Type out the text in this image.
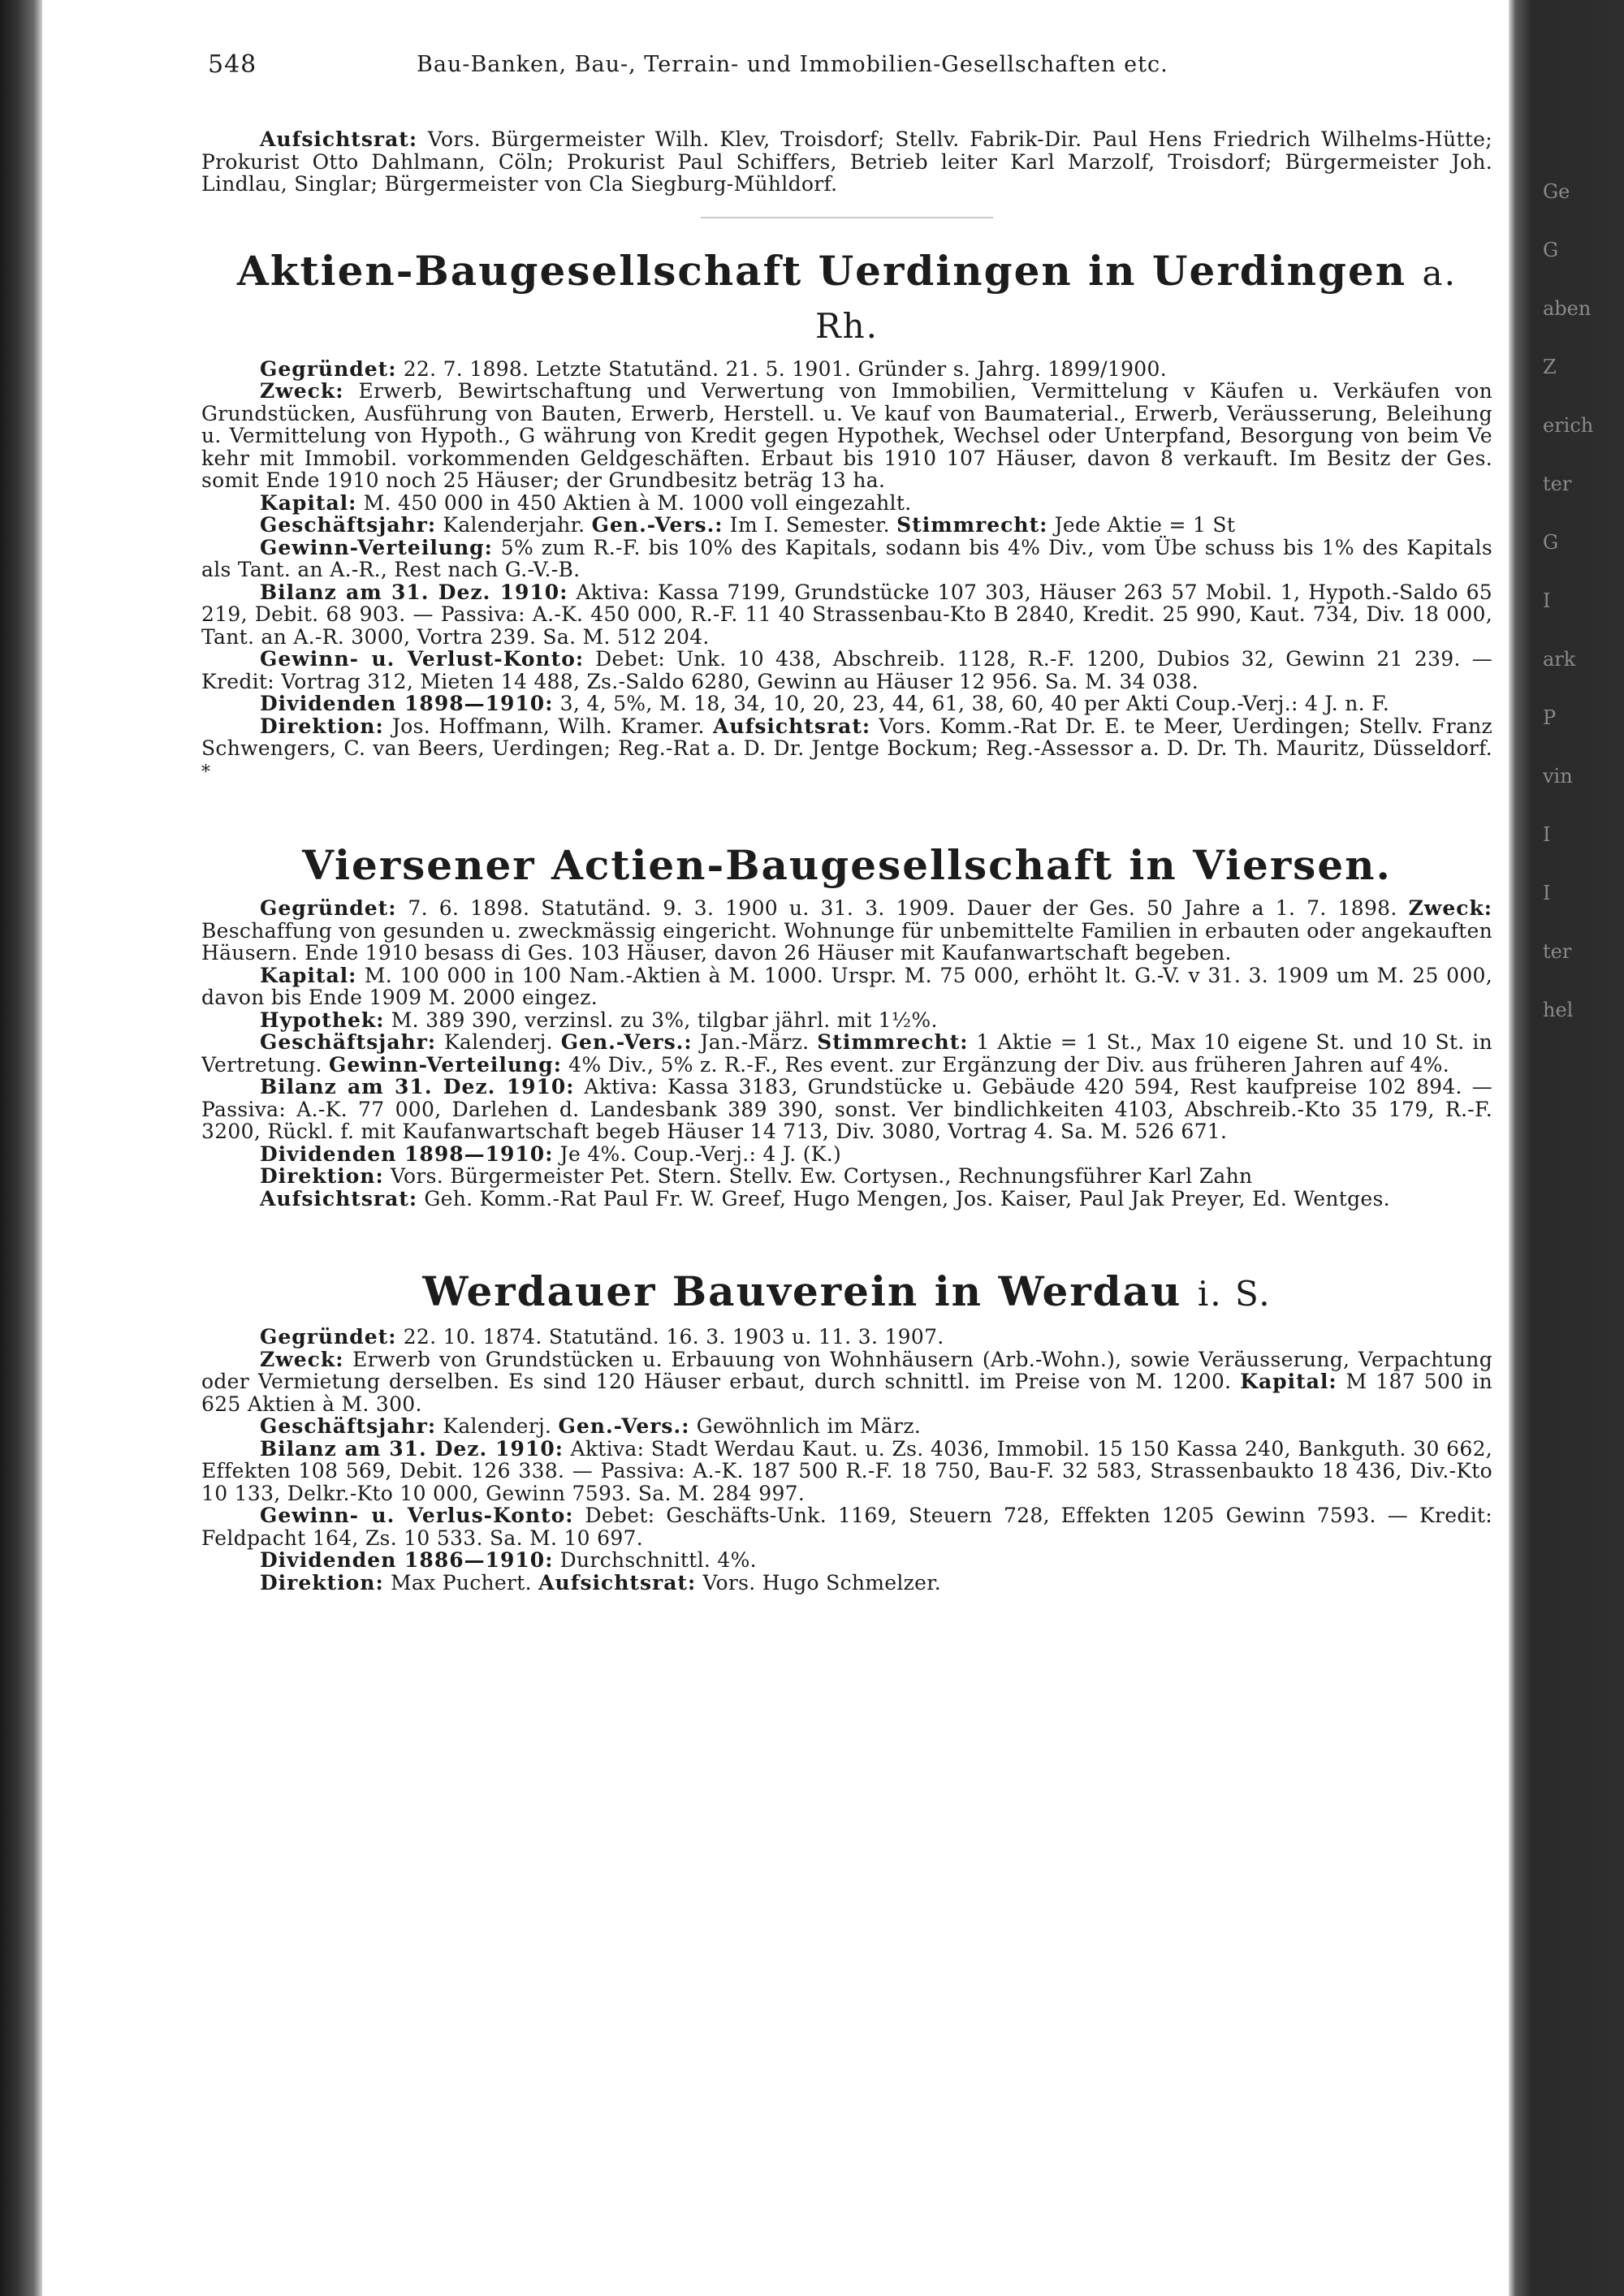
Ge
G
aben
Z
erich
ter
G
I
ark
P
vin
I
I
ter
hel
548	Bau-Banken, Bau-, Terrain- und Immobilien-Gesellschaften etc.

Aufsichtsrat: Vors. Bürgermeister Wilh. Klev, Troisdorf; Stellv. Fabrik-Dir. Paul Hens Friedrich Wilhelms-Hütte; Prokurist Otto Dahlmann, Cöln; Prokurist Paul Schiffers, Betrieb leiter Karl Marzolf, Troisdorf; Bürgermeister Joh. Lindlau, Singlar; Bürgermeister von Cla Siegburg-Mühldorf.

Aktien-Baugesellschaft Uerdingen in Uerdingen a. Rh.

Gegründet: 22. 7. 1898. Letzte Statutänd. 21. 5. 1901. Gründer s. Jahrg. 1899/1900.

Zweck: Erwerb, Bewirtschaftung und Verwertung von Immobilien, Vermittelung v Käufen u. Verkäufen von Grundstücken, Ausführung von Bauten, Erwerb, Herstell. u. Ve kauf von Baumaterial., Erwerb, Veräusserung, Beleihung u. Vermittelung von Hypoth., G währung von Kredit gegen Hypothek, Wechsel oder Unterpfand, Besorgung von beim Ve kehr mit Immobil. vorkommenden Geldgeschäften. Erbaut bis 1910 107 Häuser, davon 8 verkauft. Im Besitz der Ges. somit Ende 1910 noch 25 Häuser; der Grundbesitz beträg 13 ha.

Kapital: M. 450 000 in 450 Aktien à M. 1000 voll eingezahlt.

Geschäftsjahr: Kalenderjahr. Gen.-Vers.: Im I. Semester. Stimmrecht: Jede Aktie = 1 St

Gewinn-Verteilung: 5% zum R.-F. bis 10% des Kapitals, sodann bis 4% Div., vom Übe schuss bis 1% des Kapitals als Tant. an A.-R., Rest nach G.-V.-B.

Bilanz am 31. Dez. 1910: Aktiva: Kassa 7199, Grundstücke 107 303, Häuser 263 57 Mobil. 1, Hypoth.-Saldo 65 219, Debit. 68 903. — Passiva: A.-K. 450 000, R.-F. 11 40 Strassenbau-Kto B 2840, Kredit. 25 990, Kaut. 734, Div. 18 000, Tant. an A.-R. 3000, Vortra 239. Sa. M. 512 204.

Gewinn- u. Verlust-Konto: Debet: Unk. 10 438, Abschreib. 1128, R.-F. 1200, Dubios 32, Gewinn 21 239. — Kredit: Vortrag 312, Mieten 14 488, Zs.-Saldo 6280, Gewinn au Häuser 12 956. Sa. M. 34 038.

Dividenden 1898—1910: 3, 4, 5%, M. 18, 34, 10, 20, 23, 44, 61, 38, 60, 40 per Akti Coup.-Verj.: 4 J. n. F.

Direktion: Jos. Hoffmann, Wilh. Kramer. Aufsichtsrat: Vors. Komm.-Rat Dr. E. te Meer, Uerdingen; Stellv. Franz Schwengers, C. van Beers, Uerdingen; Reg.-Rat a. D. Dr. Jentge Bockum; Reg.-Assessor a. D. Dr. Th. Mauritz, Düsseldorf. *

Viersener Actien-Baugesellschaft in Viersen.

Gegründet: 7. 6. 1898. Statutänd. 9. 3. 1900 u. 31. 3. 1909. Dauer der Ges. 50 Jahre a 1. 7. 1898. Zweck: Beschaffung von gesunden u. zweckmässig eingericht. Wohnunge für unbemittelte Familien in erbauten oder angekauften Häusern. Ende 1910 besass di Ges. 103 Häuser, davon 26 Häuser mit Kaufanwartschaft begeben.

Kapital: M. 100 000 in 100 Nam.-Aktien à M. 1000. Urspr. M. 75 000, erhöht lt. G.-V. v 31. 3. 1909 um M. 25 000, davon bis Ende 1909 M. 2000 eingez.

Hypothek: M. 389 390, verzinsl. zu 3%, tilgbar jährl. mit 1½%.

Geschäftsjahr: Kalenderj. Gen.-Vers.: Jan.-März. Stimmrecht: 1 Aktie = 1 St., Max 10 eigene St. und 10 St. in Vertretung. Gewinn-Verteilung: 4% Div., 5% z. R.-F., Res event. zur Ergänzung der Div. aus früheren Jahren auf 4%.

Bilanz am 31. Dez. 1910: Aktiva: Kassa 3183, Grundstücke u. Gebäude 420 594, Rest kaufpreise 102 894. — Passiva: A.-K. 77 000, Darlehen d. Landesbank 389 390, sonst. Ver bindlichkeiten 4103, Abschreib.-Kto 35 179, R.-F. 3200, Rückl. f. mit Kaufanwartschaft begeb Häuser 14 713, Div. 3080, Vortrag 4. Sa. M. 526 671.

Dividenden 1898—1910: Je 4%. Coup.-Verj.: 4 J. (K.)

Direktion: Vors. Bürgermeister Pet. Stern. Stellv. Ew. Cortysen., Rechnungsführer Karl Zahn

Aufsichtsrat: Geh. Komm.-Rat Paul Fr. W. Greef, Hugo Mengen, Jos. Kaiser, Paul Jak Preyer, Ed. Wentges.

Werdauer Bauverein in Werdau i. S.

Gegründet: 22. 10. 1874. Statutänd. 16. 3. 1903 u. 11. 3. 1907.

Zweck: Erwerb von Grundstücken u. Erbauung von Wohnhäusern (Arb.-Wohn.), sowie Veräusserung, Verpachtung oder Vermietung derselben. Es sind 120 Häuser erbaut, durch schnittl. im Preise von M. 1200. Kapital: M 187 500 in 625 Aktien à M. 300.

Geschäftsjahr: Kalenderj. Gen.-Vers.: Gewöhnlich im März.

Bilanz am 31. Dez. 1910: Aktiva: Stadt Werdau Kaut. u. Zs. 4036, Immobil. 15 150 Kassa 240, Bankguth. 30 662, Effekten 108 569, Debit. 126 338. — Passiva: A.-K. 187 500 R.-F. 18 750, Bau-F. 32 583, Strassenbaukto 18 436, Div.-Kto 10 133, Delkr.-Kto 10 000, Gewinn 7593. Sa. M. 284 997.

Gewinn- u. Verlus-Konto: Debet: Geschäfts-Unk. 1169, Steuern 728, Effekten 1205 Gewinn 7593. — Kredit: Feldpacht 164, Zs. 10 533. Sa. M. 10 697.

Dividenden 1886—1910: Durchschnittl. 4%.

Direktion: Max Puchert. Aufsichtsrat: Vors. Hugo Schmelzer.
